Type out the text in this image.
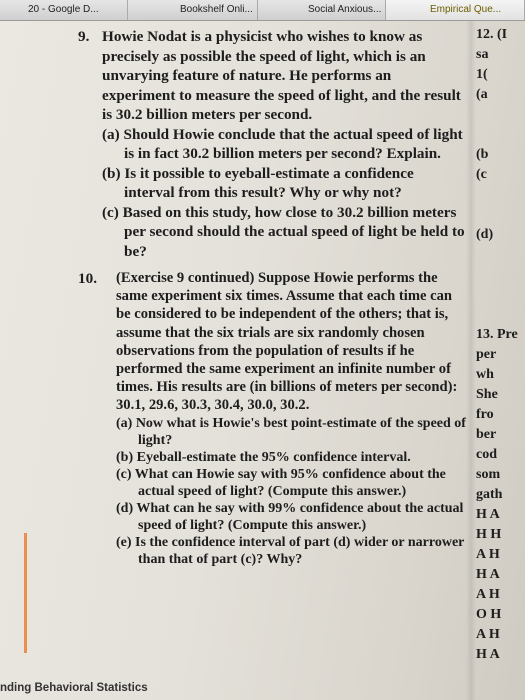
20 - Google D...	Bookshelf Onli...	Social Anxious...	Empirical Que...
9. Howie Nodat is a physicist who wishes to know as precisely as possible the speed of light, which is an unvarying feature of nature. He performs an experiment to measure the speed of light, and the result is 30.2 billion meters per second.

(a) Should Howie conclude that the actual speed of light is in fact 30.2 billion meters per second? Explain.

(b) Is it possible to eyeball-estimate a confidence interval from this result? Why or why not?

(c) Based on this study, how close to 30.2 billion meters per second should the actual speed of light be held to be?

10. (Exercise 9 continued) Suppose Howie performs the same experiment six times. Assume that each time can be considered to be independent of the others; that is, assume that the six trials are six randomly chosen observations from the population of results if he performed the same experiment an infinite number of times. His results are (in billions of meters per second): 30.1, 29.6, 30.3, 30.4, 30.0, 30.2.

(a) Now what is Howie's best point-estimate of the speed of light?

(b) Eyeball-estimate the 95% confidence interval.

(c) What can Howie say with 95% confidence about the actual speed of light? (Compute this answer.)

(d) What can he say with 99% confidence about the actual speed of light? (Compute this answer.)

(e) Is the confidence interval of part (d) wider or narrower than that of part (c)? Why?

12. (I
sa
1(
(a

(b
(c

(d)

13. Pre
per
wh
She
fro
ber
cod
som
gath
H A
H H
A H
H A
A H
O H
A H
H A
nding Behavioral Statistics
